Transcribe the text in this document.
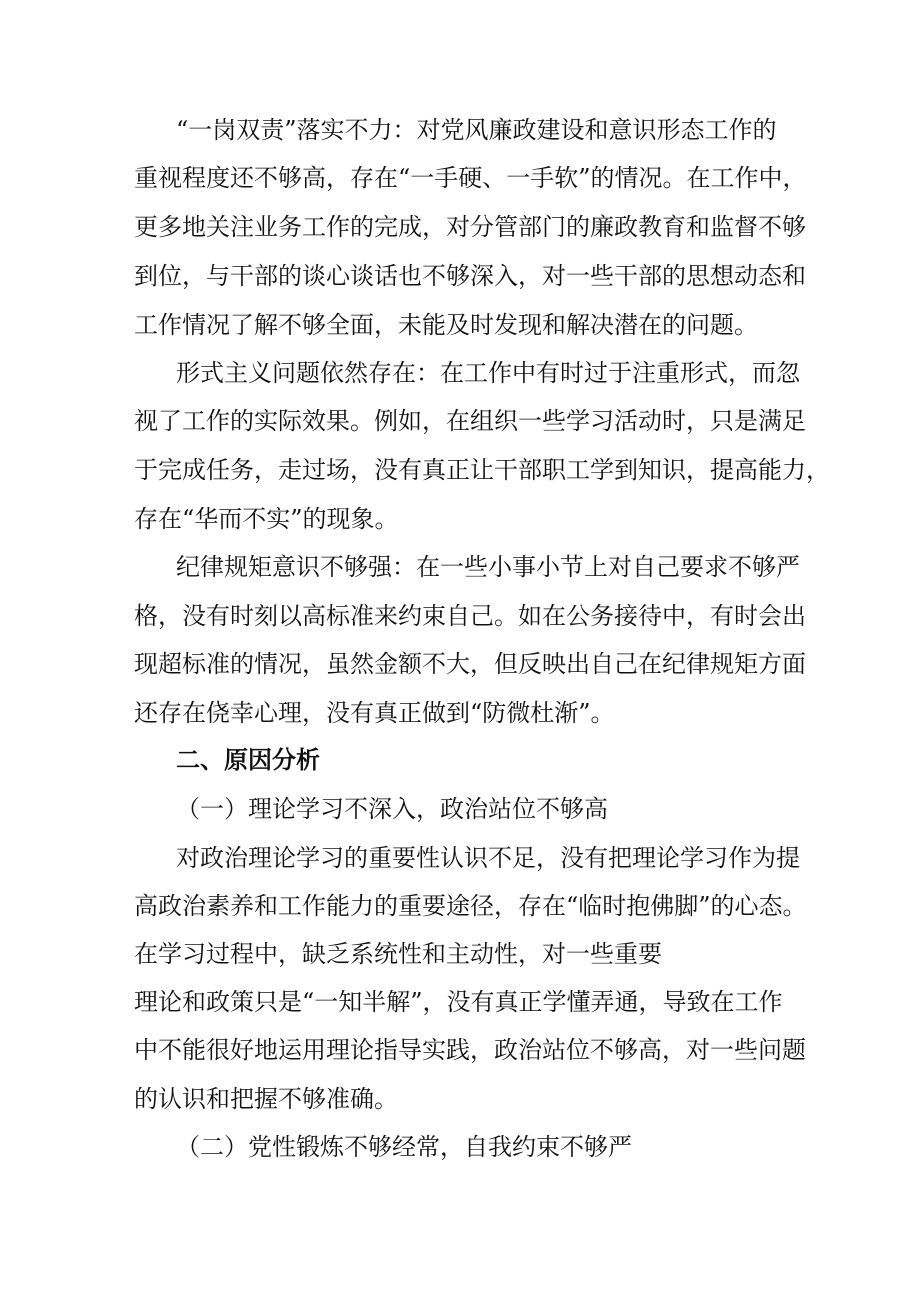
“一岗双责”落实不力：对党风廉政建设和意识形态工作的
重视程度还不够高，存在“一手硬、一手软”的情况。在工作中，
更多地关注业务工作的完成，对分管部门的廉政教育和监督不够
到位，与干部的谈心谈话也不够深入，对一些干部的思想动态和
工作情况了解不够全面，未能及时发现和解决潜在的问题。
形式主义问题依然存在：在工作中有时过于注重形式，而忽
视了工作的实际效果。例如，在组织一些学习活动时，只是满足
于完成任务，走过场，没有真正让干部职工学到知识，提高能力，
存在“华而不实”的现象。
纪律规矩意识不够强：在一些小事小节上对自己要求不够严
格，没有时刻以高标准来约束自己。如在公务接待中，有时会出
现超标准的情况，虽然金额不大，但反映出自己在纪律规矩方面
还存在侥幸心理，没有真正做到“防微杜渐”。
二、原因分析
（一）理论学习不深入，政治站位不够高
对政治理论学习的重要性认识不足，没有把理论学习作为提
高政治素养和工作能力的重要途径，存在“临时抱佛脚”的心态。
在学习过程中，缺乏系统性和主动性，对一些重要
理论和政策只是“一知半解”，没有真正学懂弄通，导致在工作
中不能很好地运用理论指导实践，政治站位不够高，对一些问题
的认识和把握不够准确。
（二）党性锻炼不够经常，自我约束不够严
